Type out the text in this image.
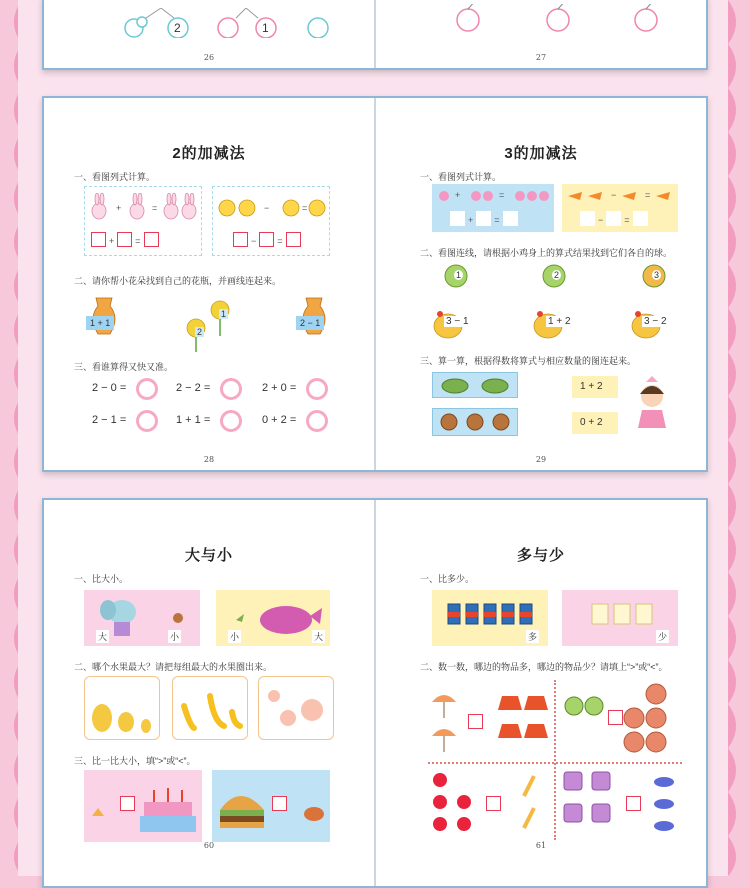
2	1
26	27
2的加减法
一、看图列式计算。
+	=
+ =
−	=
− =
二、请你帮小花朵找到自己的花瓶，并画线连起来。
1 + 1	2 − 1
1
2
三、看谁算得又快又准。
2 − 0 =	2 − 2 =	2 + 0 =
2 − 1 =	1 + 1 =	0 + 2 =
28
3的加减法
一、看图列式计算。
+	=
+ =
−	=
− =
二、看图连线，请根据小鸡身上的算式结果找到它们各自的球。
1	2	3
3 − 1	1 + 2	3 − 2
三、算一算，根据得数将算式与相应数量的图连起来。
1 + 2
0 + 2
29
大与小
一、比大小。
大	小	小	大
二、哪个水果最大？请把每组最大的水果圈出来。
三、比一比大小，填“>”或“<”。
60
多与少
一、比多少。
多	少
二、数一数，哪边的物品多，哪边的物品少？请填上“>”或“<”。
61
